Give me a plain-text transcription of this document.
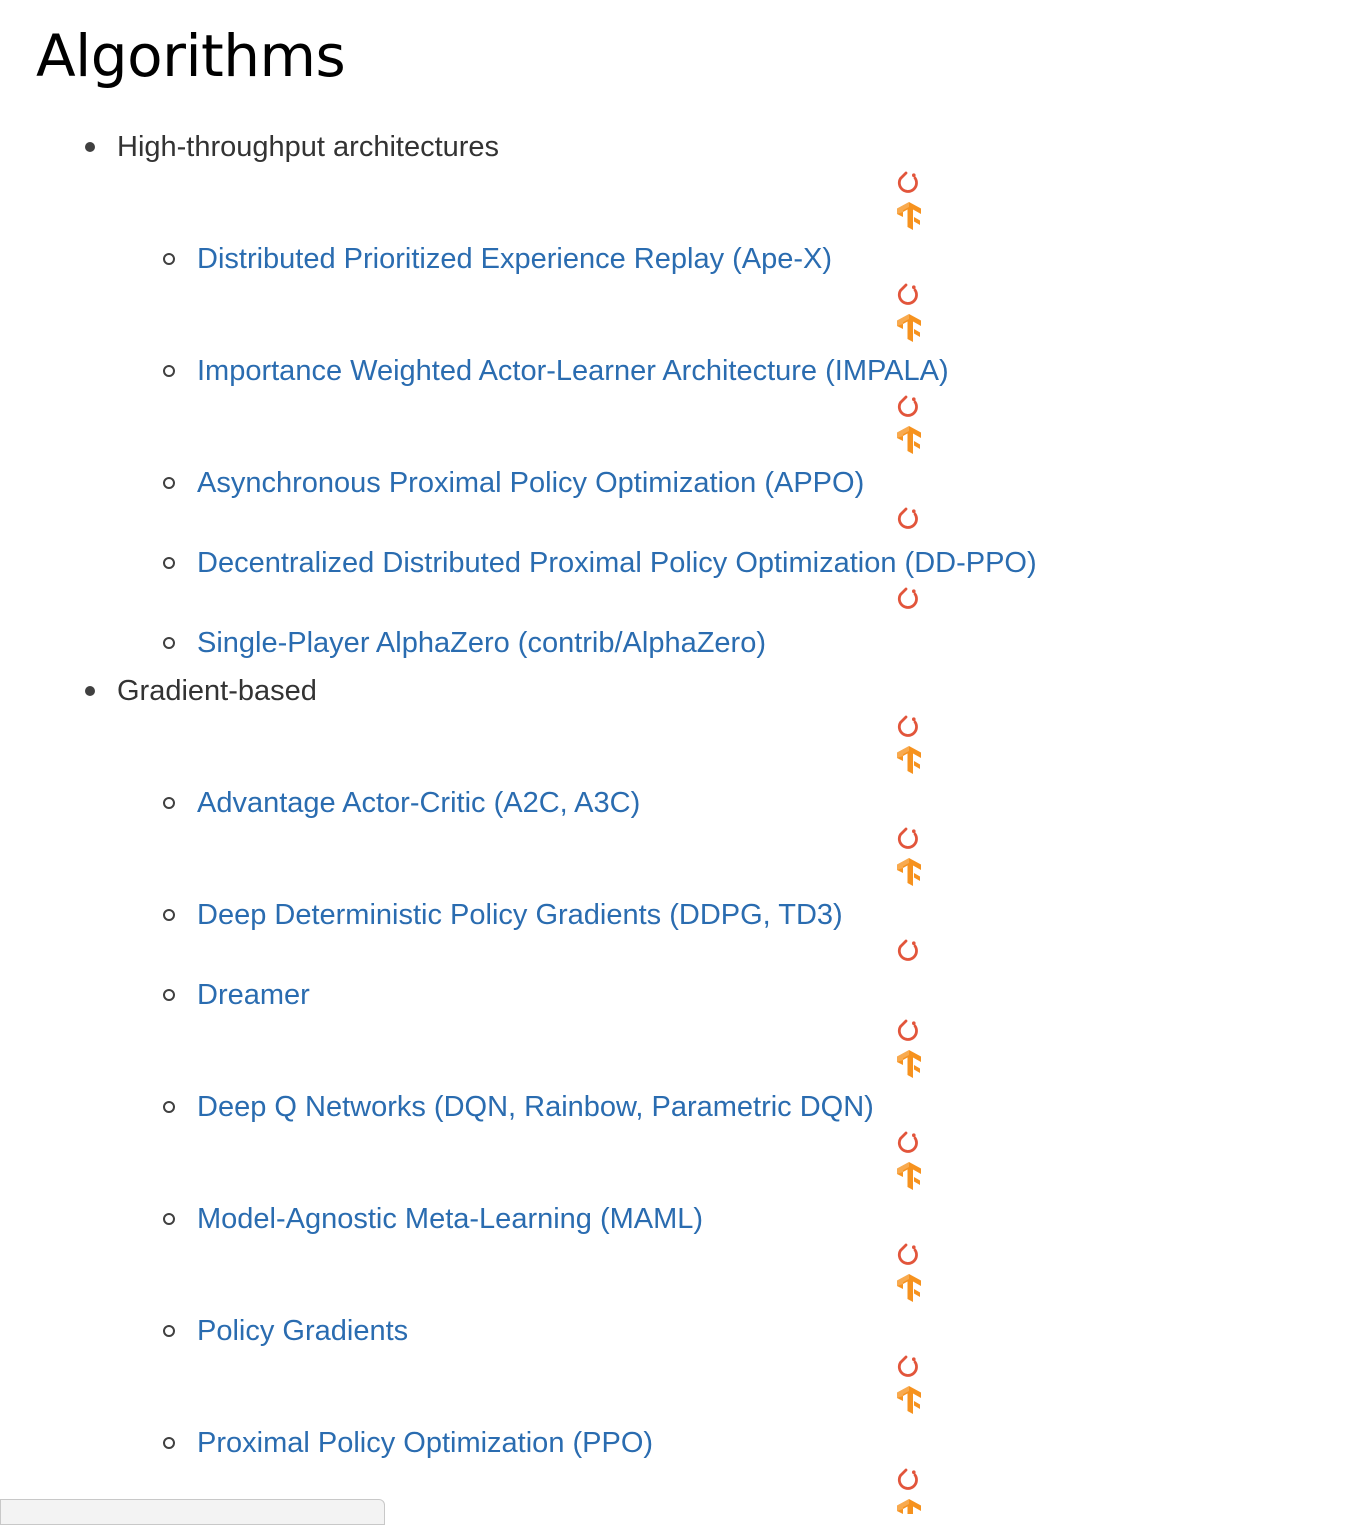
Algorithms
High-throughput architectures
Gradient-based
Distributed Prioritized Experience Replay (Ape-X)
Importance Weighted Actor-Learner Architecture (IMPALA)
Asynchronous Proximal Policy Optimization (APPO)
Decentralized Distributed Proximal Policy Optimization (DD-PPO)
Single-Player AlphaZero (contrib/AlphaZero)
Advantage Actor-Critic (A2C, A3C)
Deep Deterministic Policy Gradients (DDPG, TD3)
Dreamer
Deep Q Networks (DQN, Rainbow, Parametric DQN)
Model-Agnostic Meta-Learning (MAML)
Policy Gradients
Proximal Policy Optimization (PPO)
